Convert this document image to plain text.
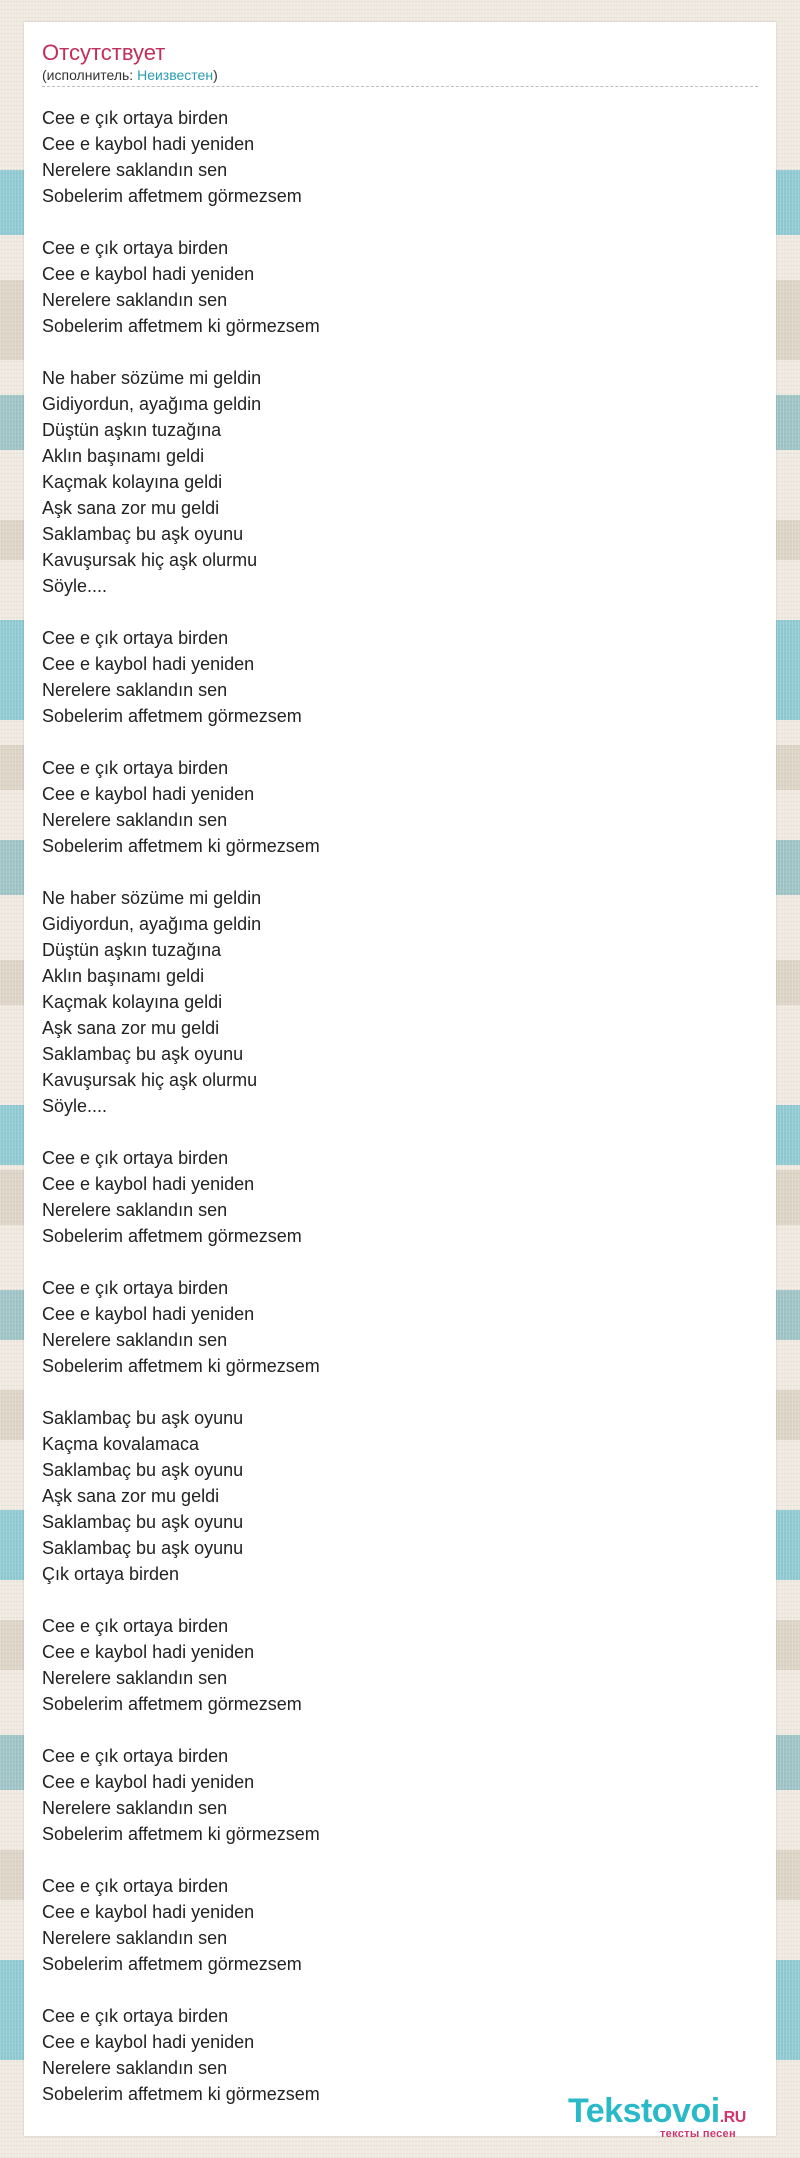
Отсутствует
(исполнитель: Неизвестен)
Cee e çık ortaya birden
Cee e kaybol hadi yeniden
Nerelere saklandın sen
Sobelerim affetmem görmezsem
Cee e çık ortaya birden
Cee e kaybol hadi yeniden
Nerelere saklandın sen
Sobelerim affetmem ki görmezsem
Ne haber sözüme mi geldin
Gidiyordun, ayağıma geldin
Düştün aşkın tuzağına
Aklın başınamı geldi
Kaçmak kolayına geldi
Aşk sana zor mu geldi
Saklambaç bu aşk oyunu
Kavuşursak hiç aşk olurmu
Söyle....
Cee e çık ortaya birden
Cee e kaybol hadi yeniden
Nerelere saklandın sen
Sobelerim affetmem görmezsem
Cee e çık ortaya birden
Cee e kaybol hadi yeniden
Nerelere saklandın sen
Sobelerim affetmem ki görmezsem
Ne haber sözüme mi geldin
Gidiyordun, ayağıma geldin
Düştün aşkın tuzağına
Aklın başınamı geldi
Kaçmak kolayına geldi
Aşk sana zor mu geldi
Saklambaç bu aşk oyunu
Kavuşursak hiç aşk olurmu
Söyle....
Cee e çık ortaya birden
Cee e kaybol hadi yeniden
Nerelere saklandın sen
Sobelerim affetmem görmezsem
Cee e çık ortaya birden
Cee e kaybol hadi yeniden
Nerelere saklandın sen
Sobelerim affetmem ki görmezsem
Saklambaç bu aşk oyunu
Kaçma kovalamaca
Saklambaç bu aşk oyunu
Aşk sana zor mu geldi
Saklambaç bu aşk oyunu
Saklambaç bu aşk oyunu
Çık ortaya birden
Cee e çık ortaya birden
Cee e kaybol hadi yeniden
Nerelere saklandın sen
Sobelerim affetmem görmezsem
Cee e çık ortaya birden
Cee e kaybol hadi yeniden
Nerelere saklandın sen
Sobelerim affetmem ki görmezsem
Cee e çık ortaya birden
Cee e kaybol hadi yeniden
Nerelere saklandın sen
Sobelerim affetmem görmezsem
Cee e çık ortaya birden
Cee e kaybol hadi yeniden
Nerelere saklandın sen
Sobelerim affetmem ki görmezsem	Tekstovoi.RU
тексты песен
